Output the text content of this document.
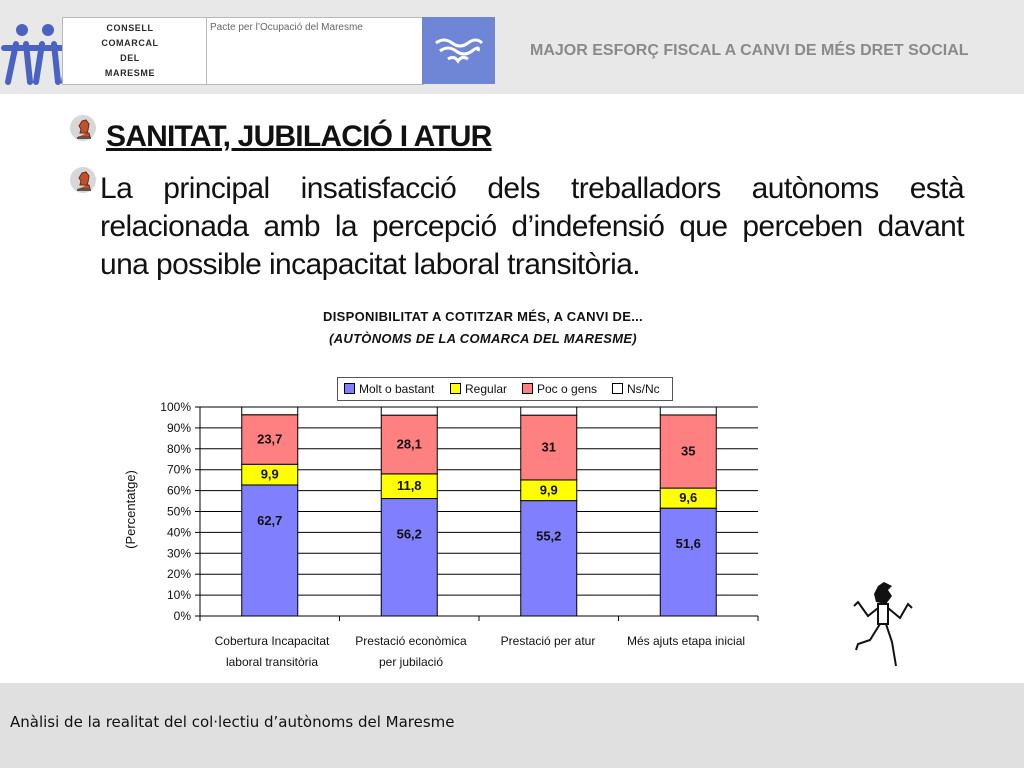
CONSELL
COMARCAL
DEL
MARESME
Pacte per l’Ocupació del Maresme
MAJOR ESFORÇ FISCAL A CANVI DE MÉS DRET SOCIAL
SANITAT, JUBILACIÓ I ATUR
La principal insatisfacció dels treballadors autònoms està relacionada amb la percepció d’indefensió que perceben davant una possible incapacitat laboral transitòria.
DISPONIBILITAT A COTITZAR MÉS, A CANVI DE...
(AUTÒNOMS DE LA COMARCA DEL MARESME)
Molt o bastant	Regular	Poc o gens	Ns/Nc
(Percentatge)
0%
10%
20%
30%
40%
50%
60%
70%
80%
90%
100%
62,7
9,9
23,7
56,2
11,8
28,1
55,2
9,9
31
51,6
9,6
35
Cobertura Incapacitat
laboral transitòria
Prestació econòmica
per jubilació
Prestació per atur	Més ajuts etapa inicial
Anàlisi de la realitat del col·lectiu d’autònoms del Maresme
